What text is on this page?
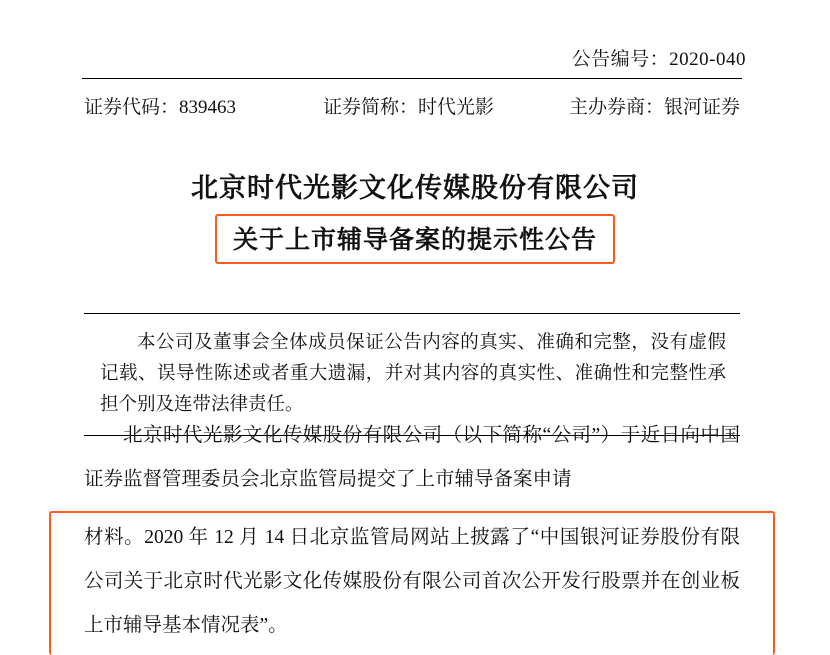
公告编号：2020-040
证券代码：839463	证券简称：时代光影	主办券商：银河证券
北京时代光影文化传媒股份有限公司
关于上市辅导备案的提示性公告

本公司及董事会全体成员保证公告内容的真实、准确和完整，没有虚假记载、误导性陈述或者重大遗漏，并对其内容的真实性、准确性和完整性承担个别及连带法律责任。

北京时代光影文化传媒股份有限公司（以下简称“公司”）于近日向中国证券监督管理委员会北京监管局提交了上市辅导备案申请
材料。2020 年 12 月 14 日北京监管局网站上披露了“中国银河证券股份有限公司关于北京时代光影文化传媒股份有限公司首次公开发行股票并在创业板上市辅导基本情况表”。
